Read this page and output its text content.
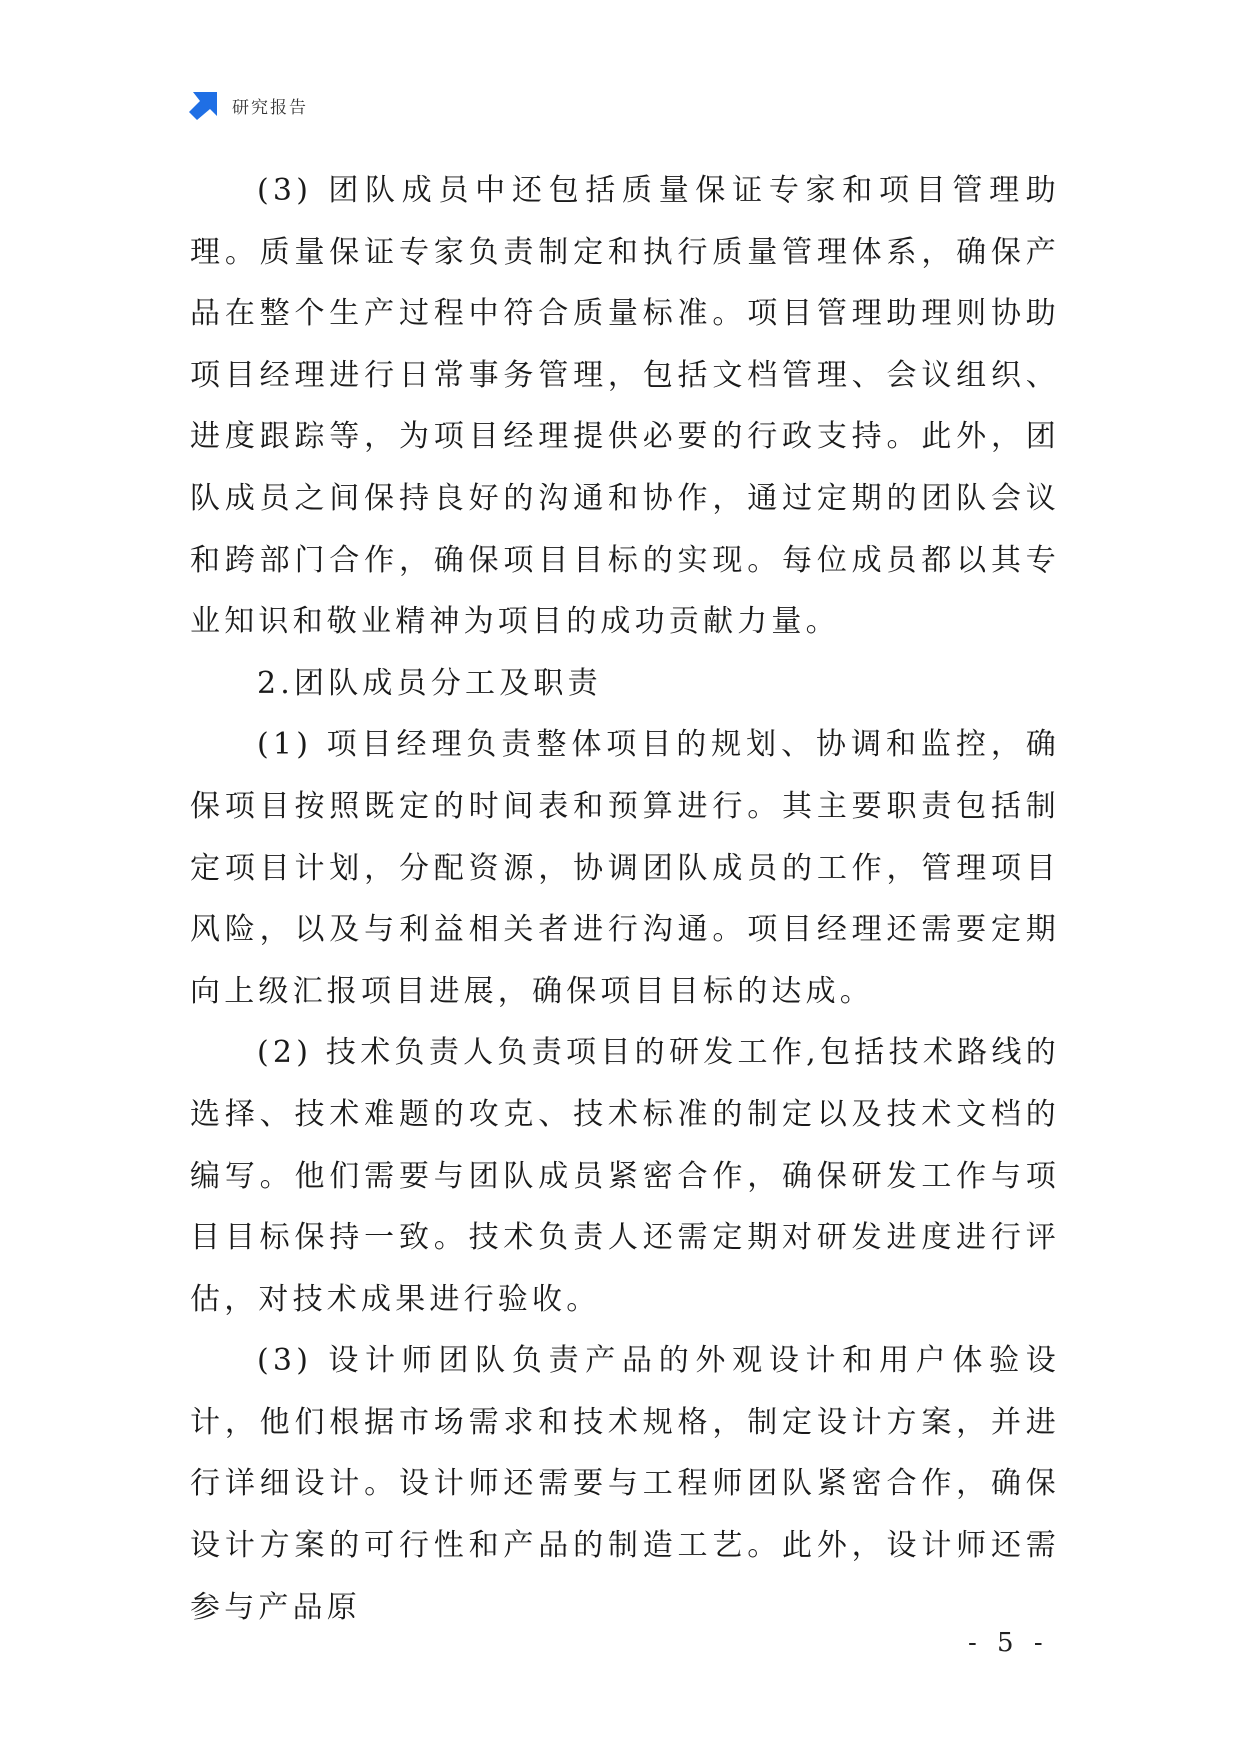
研究报告

(3) 团队成员中还包括质量保证专家和项目管理助理。质量保证专家负责制定和执行质量管理体系，确保产品在整个生产过程中符合质量标准。项目管理助理则协助项目经理进行日常事务管理，包括文档管理、会议组织、进度跟踪等，为项目经理提供必要的行政支持。此外，团队成员之间保持良好的沟通和协作，通过定期的团队会议和跨部门合作，确保项目目标的实现。每位成员都以其专业知识和敬业精神为项目的成功贡献力量。

2.团队成员分工及职责

(1) 项目经理负责整体项目的规划、协调和监控，确保项目按照既定的时间表和预算进行。其主要职责包括制定项目计划，分配资源，协调团队成员的工作，管理项目风险，以及与利益相关者进行沟通。项目经理还需要定期向上级汇报项目进展，确保项目目标的达成。

(2) 技术负责人负责项目的研发工作,包括技术路线的选择、技术难题的攻克、技术标准的制定以及技术文档的编写。他们需要与团队成员紧密合作，确保研发工作与项目目标保持一致。技术负责人还需定期对研发进度进行评估，对技术成果进行验收。

(3) 设计师团队负责产品的外观设计和用户体验设计，他们根据市场需求和技术规格，制定设计方案，并进行详细设计。设计师还需要与工程师团队紧密合作，确保设计方案的可行性和产品的制造工艺。此外，设计师还需参与产品原

- 5 -
